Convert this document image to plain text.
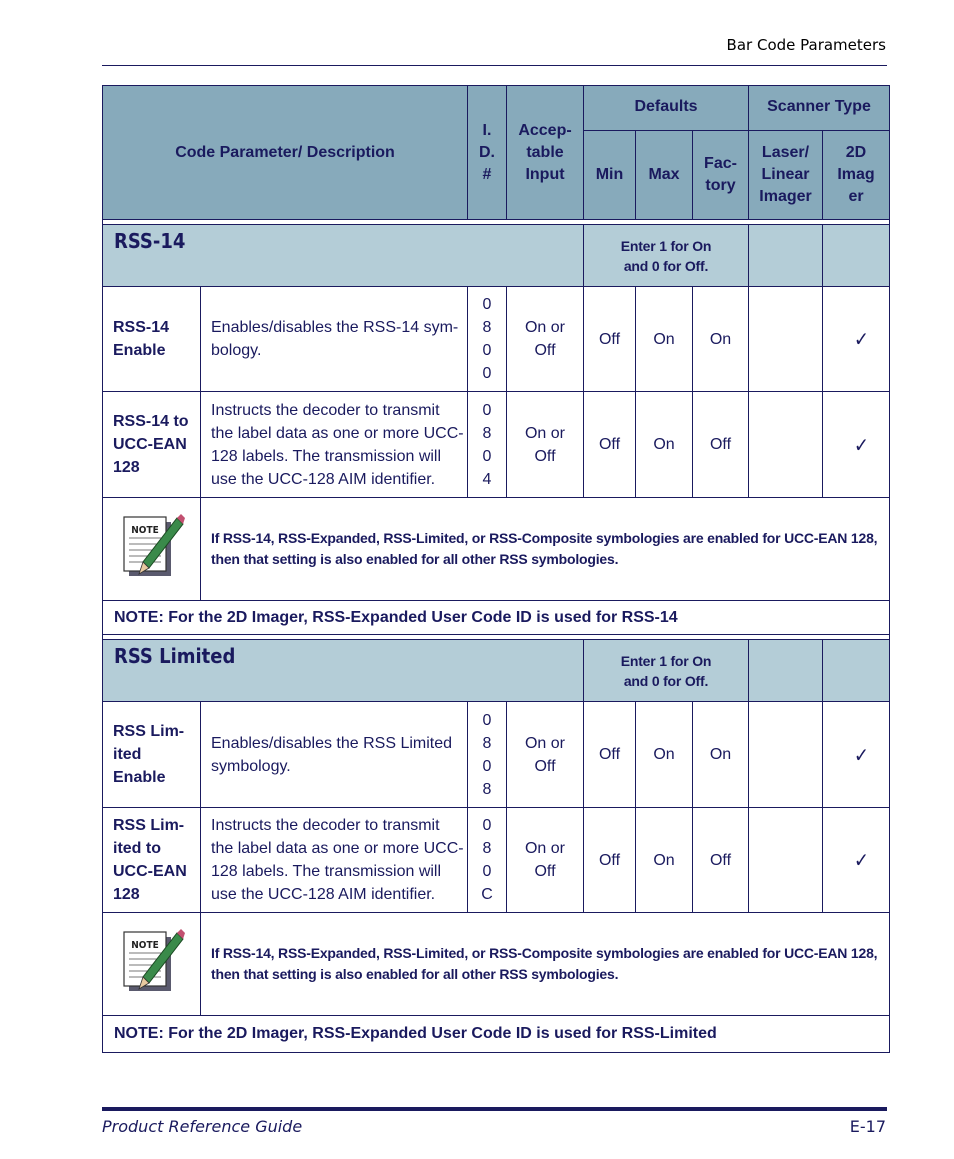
Bar Code Parameters
Code Parameter/ Description		I.
D.
#	Accep-
table
Input	Defaults			Scanner Type	
				Min	Max	Fac-
tory	Laser/
Linear
Imager	2D
Imag
er

RSS-14				Enter 1 for On
and 0 for Off.				
RSS-14
Enable	Enables/disables the RSS-14 sym-
bology.	0
8
0
0	On or
Off	Off	On	On		✓
RSS-14 to
UCC-EAN
128	Instructs the decoder to transmit
the label data as one or more UCC-
128 labels. The transmission will
use the UCC-128 AIM identifier.	0
8
0
4	On or
Off	Off	On	Off		✓

NOTE	If RSS-14, RSS-Expanded, RSS-Limited, or RSS-Composite symbologies are enabled for UCC-EAN 128, then that setting is also enabled for all other RSS symbologies.							
NOTE: For the 2D Imager, RSS-Expanded User Code ID is used for RSS-14								

RSS Limited				Enter 1 for On
and 0 for Off.				
RSS Lim-
ited
Enable	Enables/disables the RSS Limited
symbology.	0
8
0
8	On or
Off	Off	On	On		✓
RSS Lim-
ited to
UCC-EAN
128	Instructs the decoder to transmit
the label data as one or more UCC-
128 labels. The transmission will
use the UCC-128 AIM identifier.	0
8
0
C	On or
Off	Off	On	Off		✓

NOTE	If RSS-14, RSS-Expanded, RSS-Limited, or RSS-Composite symbologies are enabled for UCC-EAN 128, then that setting is also enabled for all other RSS symbologies.							
NOTE: For the 2D Imager, RSS-Expanded User Code ID is used for RSS-Limited								
Product Reference Guide	E-17
